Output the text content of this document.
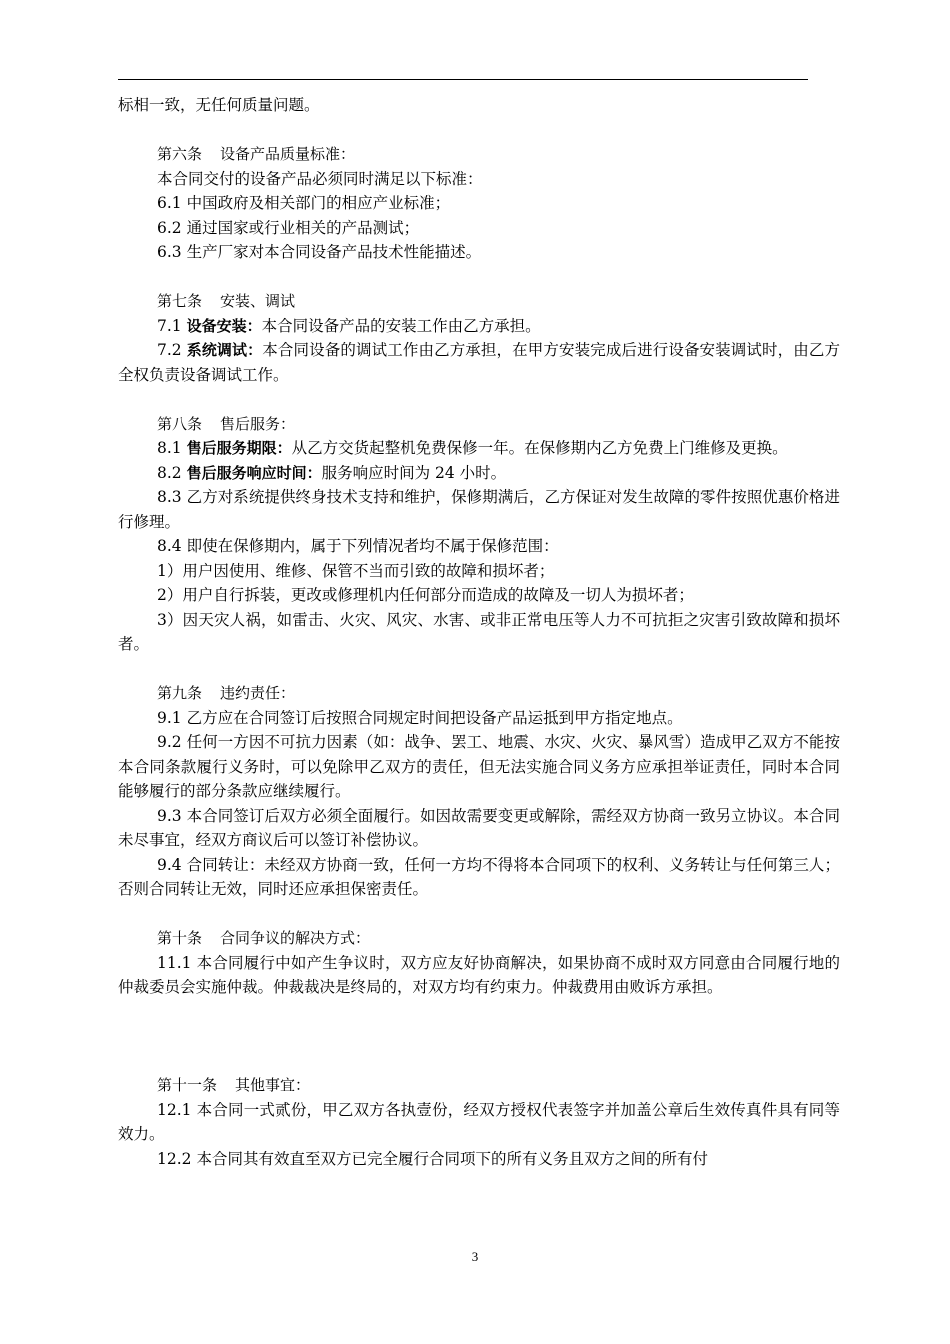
标相一致，无任何质量问题。

第六条 设备产品质量标准：

本合同交付的设备产品必须同时满足以下标准：

6.1 中国政府及相关部门的相应产业标准；

6.2 通过国家或行业相关的产品测试；

6.3 生产厂家对本合同设备产品技术性能描述。

第七条 安装、调试

7.1 设备安装：本合同设备产品的安装工作由乙方承担。

7.2 系统调试：本合同设备的调试工作由乙方承担，在甲方安装完成后进行设备安装调试时，由乙方全权负责设备调试工作。

第八条 售后服务：

8.1 售后服务期限：从乙方交货起整机免费保修一年。在保修期内乙方免费上门维修及更换。

8.2 售后服务响应时间：服务响应时间为 24 小时。

8.3 乙方对系统提供终身技术支持和维护，保修期满后，乙方保证对发生故障的零件按照优惠价格进行修理。

8.4 即使在保修期内，属于下列情况者均不属于保修范围：

1）用户因使用、维修、保管不当而引致的故障和损坏者；

2）用户自行拆装，更改或修理机内任何部分而造成的故障及一切人为损坏者；

3）因天灾人祸，如雷击、火灾、风灾、水害、或非正常电压等人力不可抗拒之灾害引致故障和损坏者。

第九条 违约责任：

9.1 乙方应在合同签订后按照合同规定时间把设备产品运抵到甲方指定地点。

9.2 任何一方因不可抗力因素（如：战争、罢工、地震、水灾、火灾、暴风雪）造成甲乙双方不能按本合同条款履行义务时，可以免除甲乙双方的责任，但无法实施合同义务方应承担举证责任，同时本合同能够履行的部分条款应继续履行。

9.3 本合同签订后双方必须全面履行。如因故需要变更或解除，需经双方协商一致另立协议。本合同未尽事宜，经双方商议后可以签订补偿协议。

9.4 合同转让：未经双方协商一致，任何一方均不得将本合同项下的权利、义务转让与任何第三人；否则合同转让无效，同时还应承担保密责任。

第十条 合同争议的解决方式：

11.1 本合同履行中如产生争议时，双方应友好协商解决，如果协商不成时双方同意由合同履行地的仲裁委员会实施仲裁。仲裁裁决是终局的，对双方均有约束力。仲裁费用由败诉方承担。

第十一条 其他事宜：

12.1 本合同一式贰份，甲乙双方各执壹份，经双方授权代表签字并加盖公章后生效传真件具有同等效力。

12.2 本合同其有效直至双方已完全履行合同项下的所有义务且双方之间的所有付

3
